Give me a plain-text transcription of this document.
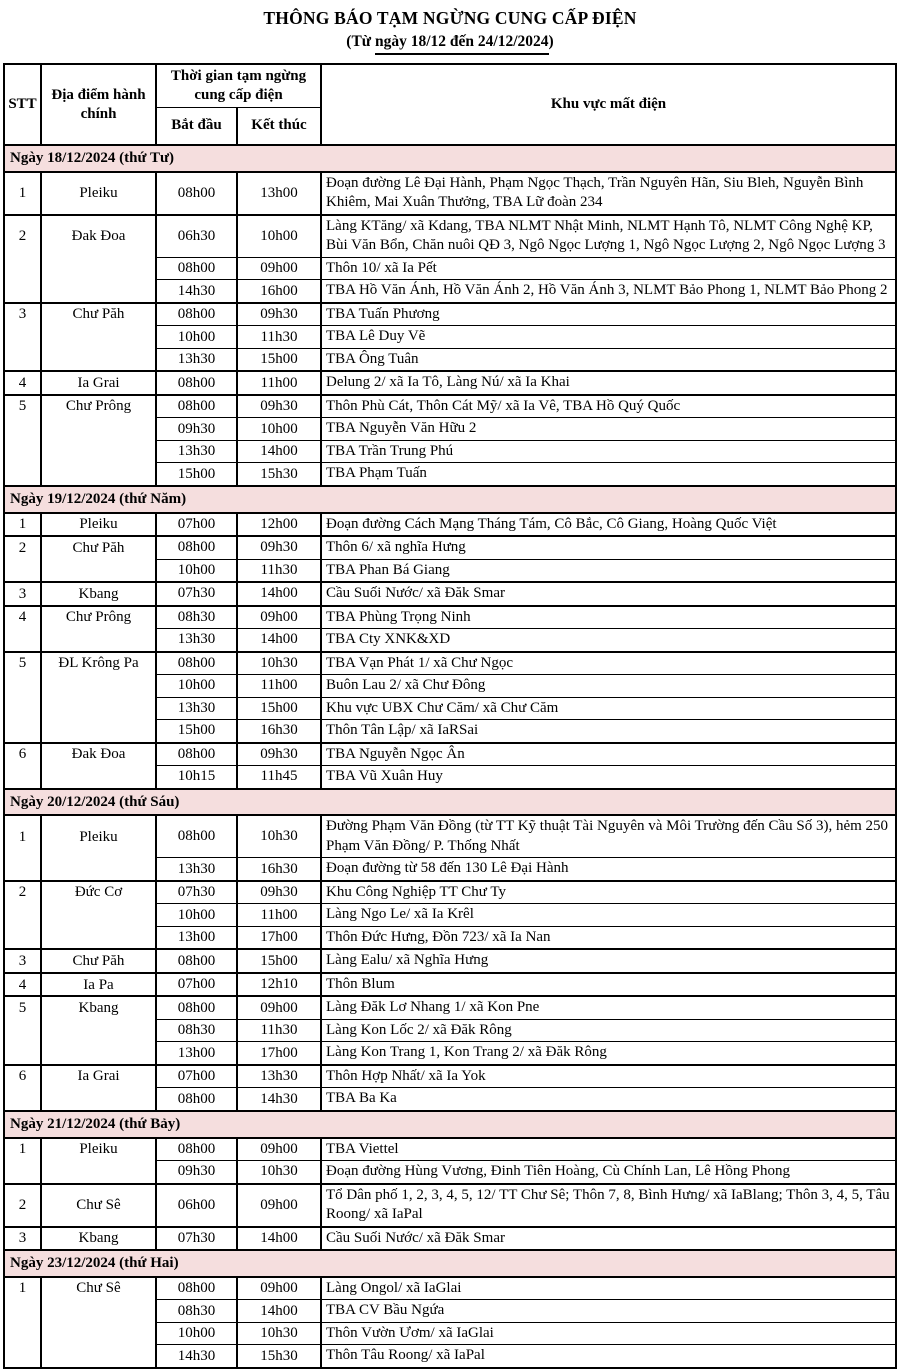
THÔNG BÁO TẠM NGỪNG CUNG CẤP ĐIỆN
(Từ ngày 18/12 đến 24/12/2024)
STT	Địa điểm hành chính	Thời gian tạm ngừng cung cấp điện		Khu vực mất điện
		Bắt đầu	Kết thúc	
Ngày 18/12/2024 (thứ Tư)				
1	Pleiku	08h00	13h00	Đoạn đường Lê Đại Hành, Phạm Ngọc Thạch, Trần Nguyên Hãn, Siu Bleh, Nguyễn Bình Khiêm, Mai Xuân Thưởng, TBA Lữ đoàn 234
2	Đak Đoa	06h30	10h00	Làng KTăng/ xã Kdang, TBA NLMT Nhật Minh, NLMT Hạnh Tô, NLMT Công Nghệ KP, Bùi Văn Bổn, Chăn nuôi QĐ 3, Ngô Ngọc Lượng 1, Ngô Ngọc Lượng 2, Ngô Ngọc Lượng 3
		08h00	09h00	Thôn 10/ xã Ia Pết
		14h30	16h00	TBA Hồ Văn Ánh, Hồ Văn Ánh 2, Hồ Văn Ánh 3, NLMT Bảo Phong 1, NLMT Bảo Phong 2
3	Chư Păh	08h00	09h30	TBA Tuấn Phương
		10h00	11h30	TBA Lê Duy Vẽ
		13h30	15h00	TBA Ông Tuân
4	Ia Grai	08h00	11h00	Delung 2/ xã Ia Tô, Làng Nú/ xã Ia Khai
5	Chư Prông	08h00	09h30	Thôn Phù Cát, Thôn Cát Mỹ/ xã Ia Vê, TBA Hồ Quý Quốc
		09h30	10h00	TBA Nguyễn Văn Hữu 2
		13h30	14h00	TBA Trần Trung Phú
		15h00	15h30	TBA Phạm Tuấn
Ngày 19/12/2024 (thứ Năm)				
1	Pleiku	07h00	12h00	Đoạn đường Cách Mạng Tháng Tám, Cô Bắc, Cô Giang, Hoàng Quốc Việt
2	Chư Păh	08h00	09h30	Thôn 6/ xã nghĩa Hưng
		10h00	11h30	TBA Phan Bá Giang
3	Kbang	07h30	14h00	Cầu Suối Nước/ xã Đăk Smar
4	Chư Prông	08h30	09h00	TBA Phùng Trọng Ninh
		13h30	14h00	TBA Cty XNK&XD
5	ĐL Krông Pa	08h00	10h30	TBA Vạn Phát 1/ xã Chư Ngọc
		10h00	11h00	Buôn Lau 2/ xã Chư Đông
		13h30	15h00	Khu vực UBX Chư Căm/ xã Chư Căm
		15h00	16h30	Thôn Tân Lập/ xã IaRSai
6	Đak Đoa	08h00	09h30	TBA Nguyễn Ngọc Ân
		10h15	11h45	TBA Vũ Xuân Huy
Ngày 20/12/2024 (thứ Sáu)				
1	Pleiku	08h00	10h30	Đường Phạm Văn Đồng (từ TT Kỹ thuật Tài Nguyên và Môi Trường đến Cầu Số 3), hẻm 250 Phạm Văn Đồng/ P. Thống Nhất
		13h30	16h30	Đoạn đường từ 58 đến 130 Lê Đại Hành
2	Đức Cơ	07h30	09h30	Khu Công Nghiệp TT Chư Ty
		10h00	11h00	Làng Ngo Le/ xã Ia Krêl
		13h00	17h00	Thôn Đức Hưng, Đồn 723/ xã Ia Nan
3	Chư Păh	08h00	15h00	Làng Ealu/ xã Nghĩa Hưng
4	Ia Pa	07h00	12h10	Thôn Blum
5	Kbang	08h00	09h00	Làng Đăk Lơ Nhang 1/ xã Kon Pne
		08h30	11h30	Làng Kon Lốc 2/ xã Đăk Rông
		13h00	17h00	Làng Kon Trang 1, Kon Trang 2/ xã Đăk Rông
6	Ia Grai	07h00	13h30	Thôn Hợp Nhất/ xã Ia Yok
		08h00	14h30	TBA Ba Ka
Ngày 21/12/2024 (thứ Bảy)				
1	Pleiku	08h00	09h00	TBA Viettel
		09h30	10h30	Đoạn đường Hùng Vương, Đinh Tiên Hoàng, Cù Chính Lan, Lê Hồng Phong
2	Chư Sê	06h00	09h00	Tổ Dân phố 1, 2, 3, 4, 5, 12/ TT Chư Sê; Thôn 7, 8, Bình Hưng/ xã IaBlang; Thôn 3, 4, 5, Tâu Roong/ xã IaPal
3	Kbang	07h30	14h00	Cầu Suối Nước/ xã Đăk Smar
Ngày 23/12/2024 (thứ Hai)				
1	Chư Sê	08h00	09h00	Làng Ongol/ xã IaGlai
		08h30	14h00	TBA CV Bầu Ngứa
		10h00	10h30	Thôn Vườn Ươm/ xã IaGlai
		14h30	15h30	Thôn Tâu Roong/ xã IaPal
